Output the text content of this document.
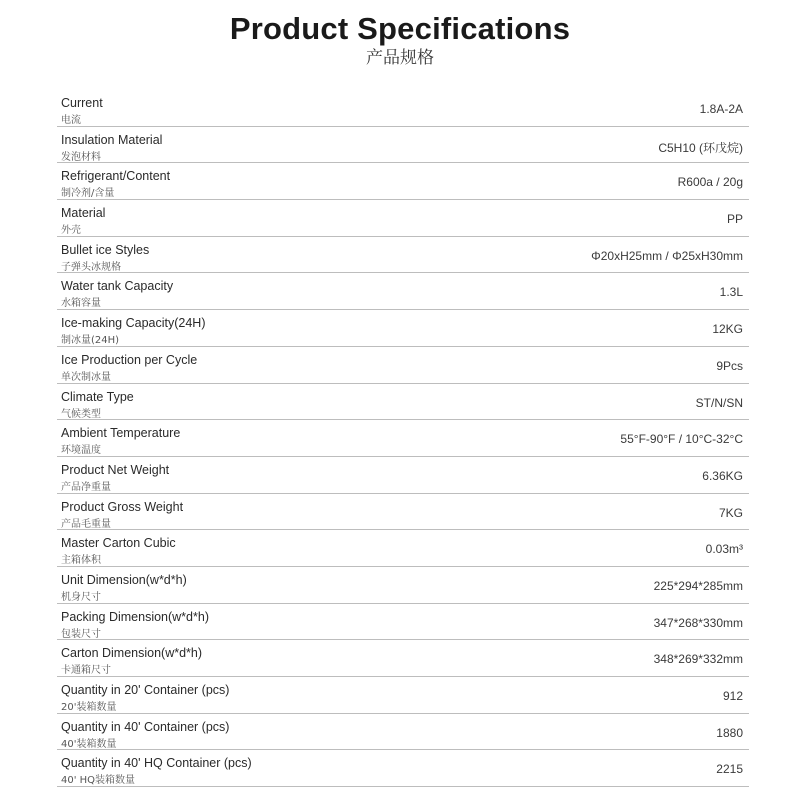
Product Specifications
产品规格
Current
电流
1.8A-2A
Insulation Material
发泡材料
C5H10 (环戊烷)
Refrigerant/Content
制冷剂/含量
R600a / 20g
Material
外壳
PP
Bullet ice Styles
子弹头冰规格
Φ20xH25mm / Φ25xH30mm
Water tank Capacity
水箱容量
1.3L
Ice-making Capacity(24H)
制冰量(24H)
12KG
Ice Production per Cycle
单次制冰量
9Pcs
Climate Type
气候类型
ST/N/SN
Ambient Temperature
环境温度
55°F-90°F / 10°C-32°C
Product Net Weight
产品净重量
6.36KG
Product Gross Weight
产品毛重量
7KG
Master Carton Cubic
主箱体积
0.03m³
Unit Dimension(w*d*h)
机身尺寸
225*294*285mm
Packing Dimension(w*d*h)
包装尺寸
347*268*330mm
Carton Dimension(w*d*h)
卡通箱尺寸
348*269*332mm
Quantity in 20' Container (pcs)
20'装箱数量
912
Quantity in 40' Container (pcs)
40'装箱数量
1880
Quantity in 40' HQ Container (pcs)
40' HQ装箱数量
2215
